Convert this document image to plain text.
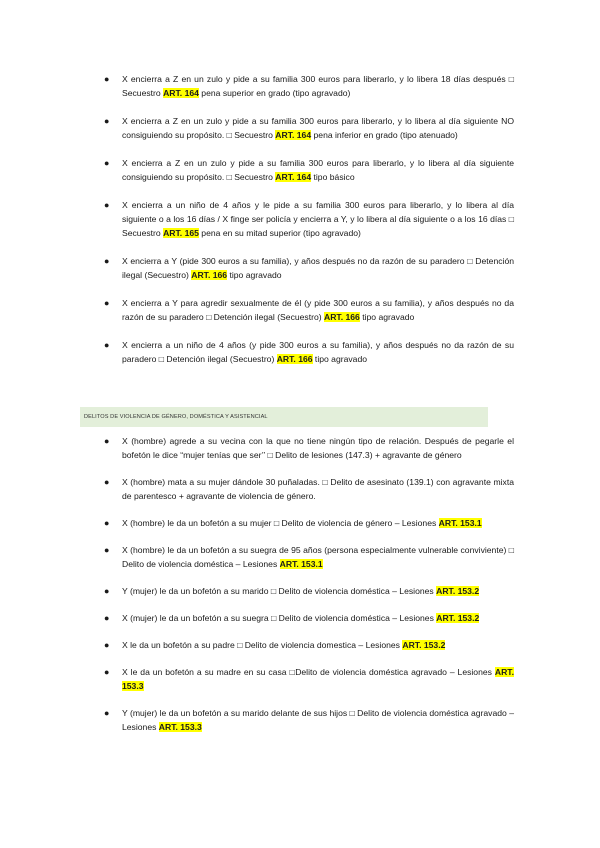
● X encierra a Z en un zulo y pide a su familia 300 euros para liberarlo, y lo libera 18 días después □ Secuestro ART. 164 pena superior en grado (tipo agravado)
● X encierra a Z en un zulo y pide a su familia 300 euros para liberarlo, y lo libera al día siguiente NO consiguiendo su propósito. □ Secuestro ART. 164 pena inferior en grado (tipo atenuado)
● X encierra a Z en un zulo y pide a su familia 300 euros para liberarlo, y lo libera al día siguiente consiguiendo su propósito. □ Secuestro ART. 164 tipo básico
● X encierra a un niño de 4 años y le pide a su familia 300 euros para liberarlo, y lo libera al día siguiente o a los 16 días / X finge ser policía y encierra a Y, y lo libera al día siguiente o a los 16 días □ Secuestro ART. 165 pena en su mitad superior (tipo agravado)
● X encierra a Y (pide 300 euros a su familia), y años después no da razón de su paradero □ Detención ilegal (Secuestro) ART. 166 tipo agravado
● X encierra a Y para agredir sexualmente de él (y pide 300 euros a su familia), y años después no da razón de su paradero □ Detención ilegal (Secuestro) ART. 166 tipo agravado
● X encierra a un niño de 4 años (y pide 300 euros a su familia), y años después no da razón de su paradero □ Detención ilegal (Secuestro) ART. 166 tipo agravado
DELITOS DE VIOLENCIA DE GÉNERO, DOMÉSTICA Y ASISTENCIAL
● X (hombre) agrede a su vecina con la que no tiene ningún tipo de relación. Después de pegarle el bofetón le dice “mujer tenías que ser’’ □ Delito de lesiones (147.3) + agravante de género
● X (hombre) mata a su mujer dándole 30 puñaladas. □ Delito de asesinato (139.1) con agravante mixta de parentesco + agravante de violencia de género.
● X (hombre) le da un bofetón a su mujer □ Delito de violencia de género – Lesiones ART. 153.1
● X (hombre) le da un bofetón a su suegra de 95 años (persona especialmente vulnerable conviviente) □ Delito de violencia doméstica – Lesiones ART. 153.1
● Y (mujer) le da un bofetón a su marido □ Delito de violencia doméstica – Lesiones ART. 153.2
● X (mujer) le da un bofetón a su suegra □ Delito de violencia doméstica – Lesiones ART. 153.2
● X le da un bofetón a su padre □ Delito de violencia domestica – Lesiones ART. 153.2
● X le da un bofetón a su madre en su casa □Delito de violencia doméstica agravado – Lesiones ART. 153.3
● Y (mujer) le da un bofetón a su marido delante de sus hijos □ Delito de violencia doméstica agravado – Lesiones ART. 153.3
